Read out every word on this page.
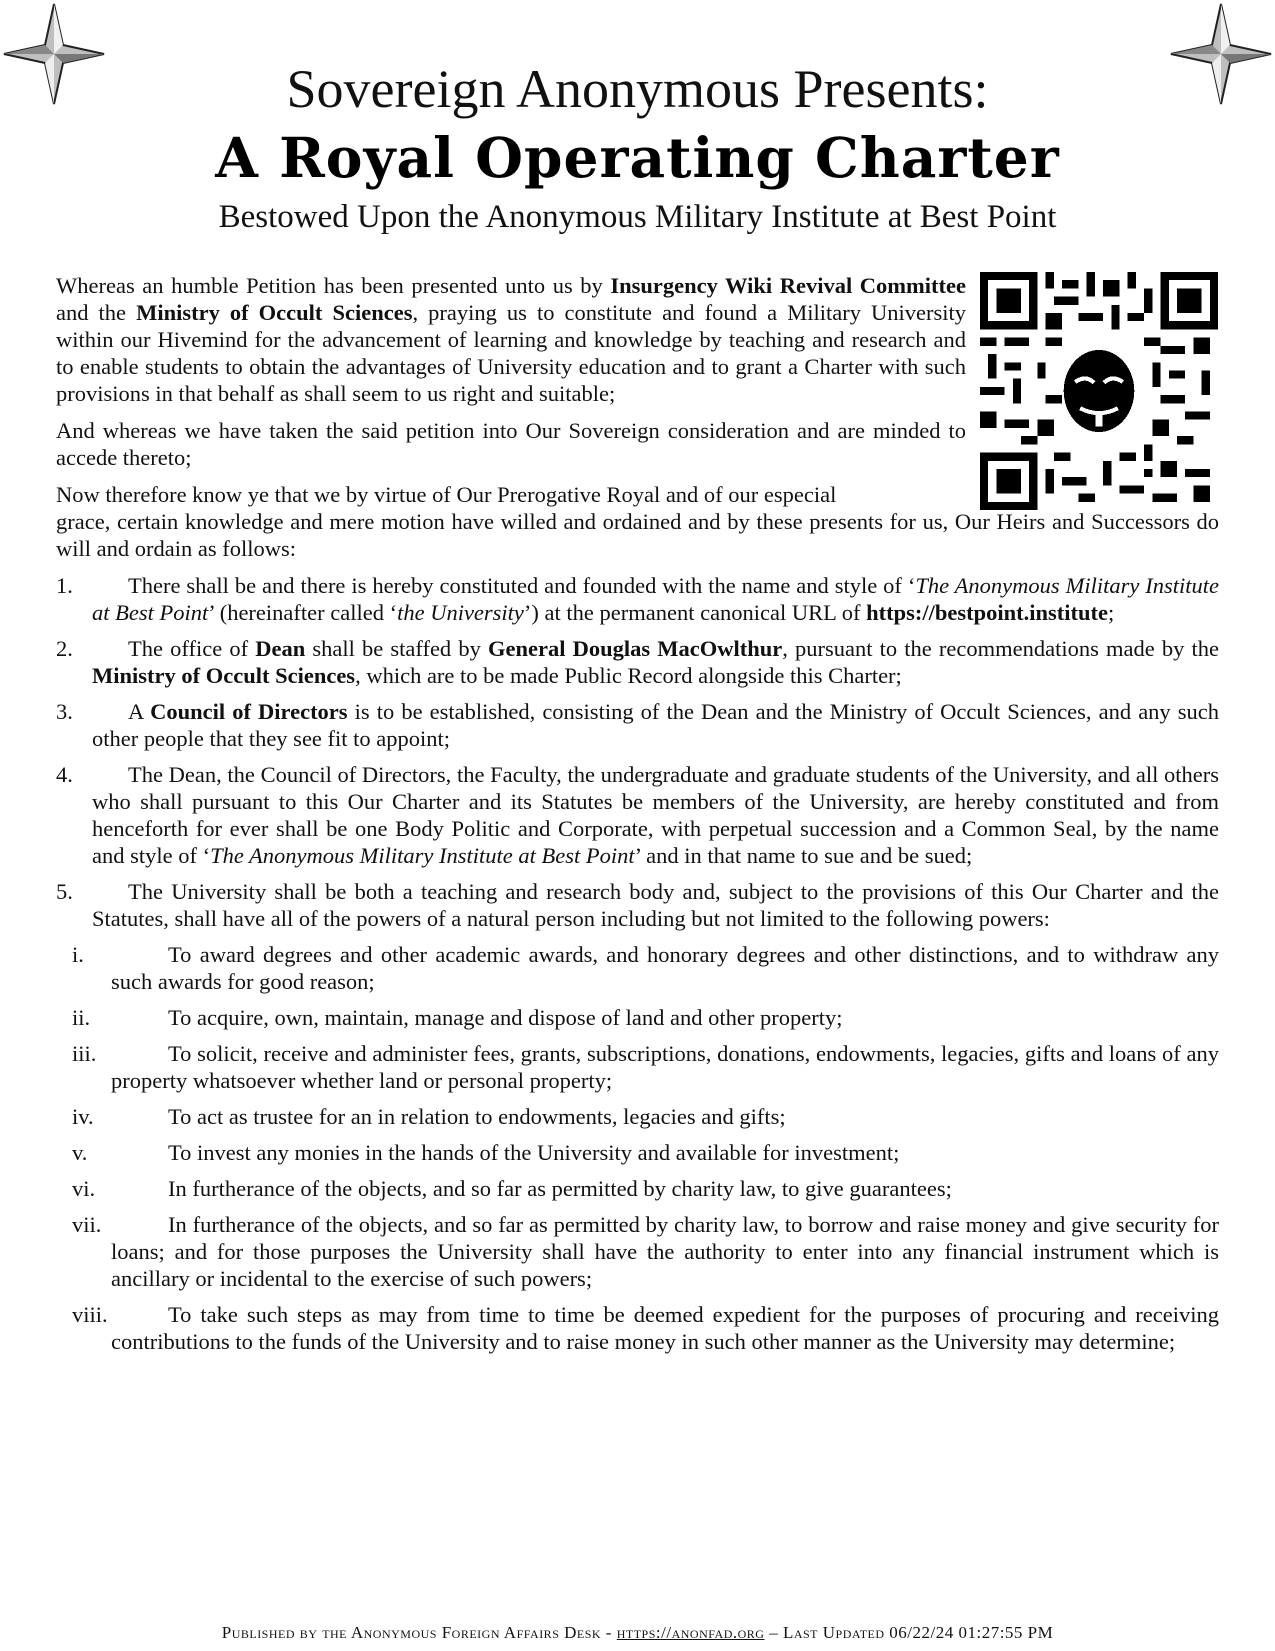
Sovereign Anonymous Presents:
A Royal Operating Charter
Bestowed Upon the Anonymous Military Institute at Best Point

Whereas an humble Petition has been presented unto us by Insurgency Wiki Revival Committee and the Ministry of Occult Sciences, praying us to constitute and found a Military University within our Hivemind for the advancement of learning and knowledge by teaching and research and to enable students to obtain the advantages of University education and to grant a Charter with such provisions in that behalf as shall seem to us right and suitable;

And whereas we have taken the said petition into Our Sovereign consideration and are minded to accede thereto;

Now therefore know ye that we by virtue of Our Prerogative Royal and of our especial
grace, certain knowledge and mere motion have willed and ordained and by these presents for us, Our Heirs and Successors do will and ordain as follows:

1. There shall be and there is hereby constituted and founded with the name and style of ‘The Anonymous Military Institute at Best Point’ (hereinafter called ‘the University’) at the permanent canonical URL of https://bestpoint.institute;
2. The office of Dean shall be staffed by General Douglas MacOwlthur, pursuant to the recommendations made by the Ministry of Occult Sciences, which are to be made Public Record alongside this Charter;
3. A Council of Directors is to be established, consisting of the Dean and the Ministry of Occult Sciences, and any such other people that they see fit to appoint;
4. The Dean, the Council of Directors, the Faculty, the undergraduate and graduate students of the University, and all others who shall pursuant to this Our Charter and its Statutes be members of the University, are hereby constituted and from henceforth for ever shall be one Body Politic and Corporate, with perpetual succession and a Common Seal, by the name and style of ‘The Anonymous Military Institute at Best Point’ and in that name to sue and be sued;
5. The University shall be both a teaching and research body and, subject to the provisions of this Our Charter and the Statutes, shall have all of the powers of a natural person including but not limited to the following powers:
i.	To award degrees and other academic awards, and honorary degrees and other distinctions, and to withdraw any such awards for good reason;
ii.	To acquire, own, maintain, manage and dispose of land and other property;
iii.	To solicit, receive and administer fees, grants, subscriptions, donations, endowments, legacies, gifts and loans of any property whatsoever whether land or personal property;
iv.	To act as trustee for an in relation to endowments, legacies and gifts;
v.	To invest any monies in the hands of the University and available for investment;
vi.	In furtherance of the objects, and so far as permitted by charity law, to give guarantees;
vii.	In furtherance of the objects, and so far as permitted by charity law, to borrow and raise money and give security for loans; and for those purposes the University shall have the authority to enter into any financial instrument which is ancillary or incidental to the exercise of such powers;
viii.	To take such steps as may from time to time be deemed expedient for the purposes of procuring and receiving contributions to the funds of the University and to raise money in such other manner as the University may determine;
Published by the Anonymous Foreign Affairs Desk - https://anonfad.org – Last Updated 06/22/24 01:27:55 PM
